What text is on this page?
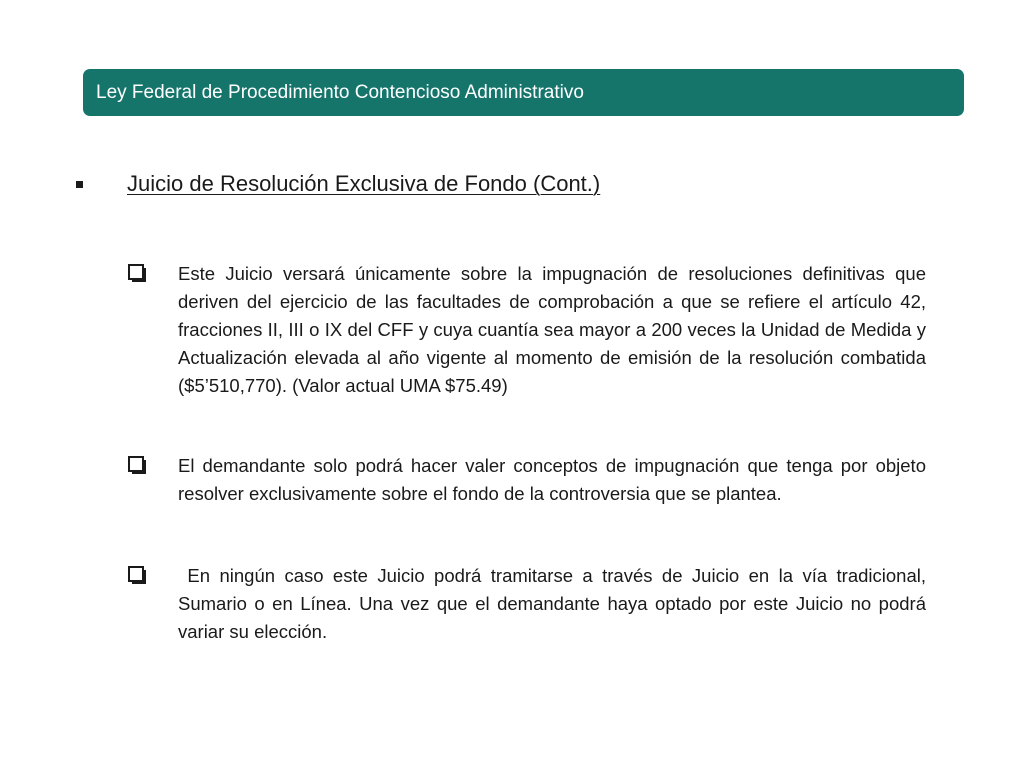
Ley Federal de Procedimiento Contencioso Administrativo
Juicio de Resolución Exclusiva de Fondo (Cont.)
Este Juicio versará únicamente sobre la impugnación de resoluciones definitivas que deriven del ejercicio de las facultades de comprobación a que se refiere el artículo 42, fracciones II, III o IX del CFF y cuya cuantía sea mayor a 200 veces la Unidad de Medida y Actualización elevada al año vigente al momento de emisión de la resolución combatida ($5’510,770). (Valor actual UMA $75.49)
El demandante solo podrá hacer valer conceptos de impugnación que tenga por objeto resolver exclusivamente sobre el fondo de la controversia que se plantea.
En ningún caso este Juicio podrá tramitarse a través de Juicio en la vía tradicional, Sumario o en Línea. Una vez que el demandante haya optado por este Juicio no podrá variar su elección.
